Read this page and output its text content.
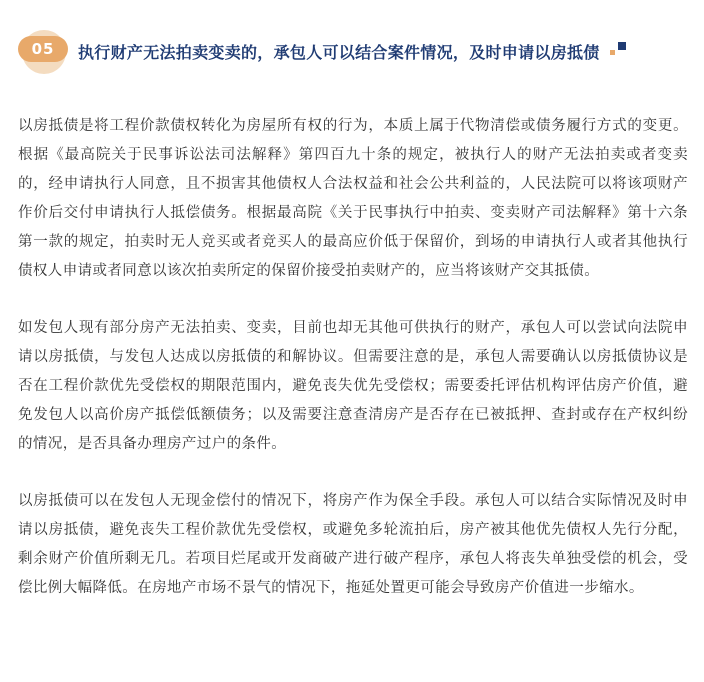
05	执行财产无法拍卖变卖的，承包人可以结合案件情况，及时申请以房抵债

以房抵债是将工程价款债权转化为房屋所有权的行为，本质上属于代物清偿或债务履行方式的变更。根据《最高院关于民事诉讼法司法解释》第四百九十条的规定，被执行人的财产无法拍卖或者变卖的，经申请执行人同意，且不损害其他债权人合法权益和社会公共利益的，人民法院可以将该项财产作价后交付申请执行人抵偿债务。根据最高院《关于民事执行中拍卖、变卖财产司法解释》第十六条第一款的规定，拍卖时无人竞买或者竞买人的最高应价低于保留价，到场的申请执行人或者其他执行债权人申请或者同意以该次拍卖所定的保留价接受拍卖财产的，应当将该财产交其抵债。

如发包人现有部分房产无法拍卖、变卖，目前也却无其他可供执行的财产，承包人可以尝试向法院申请以房抵债，与发包人达成以房抵债的和解协议。但需要注意的是，承包人需要确认以房抵债协议是否在工程价款优先受偿权的期限范围内，避免丧失优先受偿权；需要委托评估机构评估房产价值，避免发包人以高价房产抵偿低额债务；以及需要注意查清房产是否存在已被抵押、查封或存在产权纠纷的情况，是否具备办理房产过户的条件。

以房抵债可以在发包人无现金偿付的情况下，将房产作为保全手段。承包人可以结合实际情况及时申请以房抵债，避免丧失工程价款优先受偿权，或避免多轮流拍后，房产被其他优先债权人先行分配，剩余财产价值所剩无几。若项目烂尾或开发商破产进行破产程序，承包人将丧失单独受偿的机会，受偿比例大幅降低。在房地产市场不景气的情况下，拖延处置更可能会导致房产价值进一步缩水。
